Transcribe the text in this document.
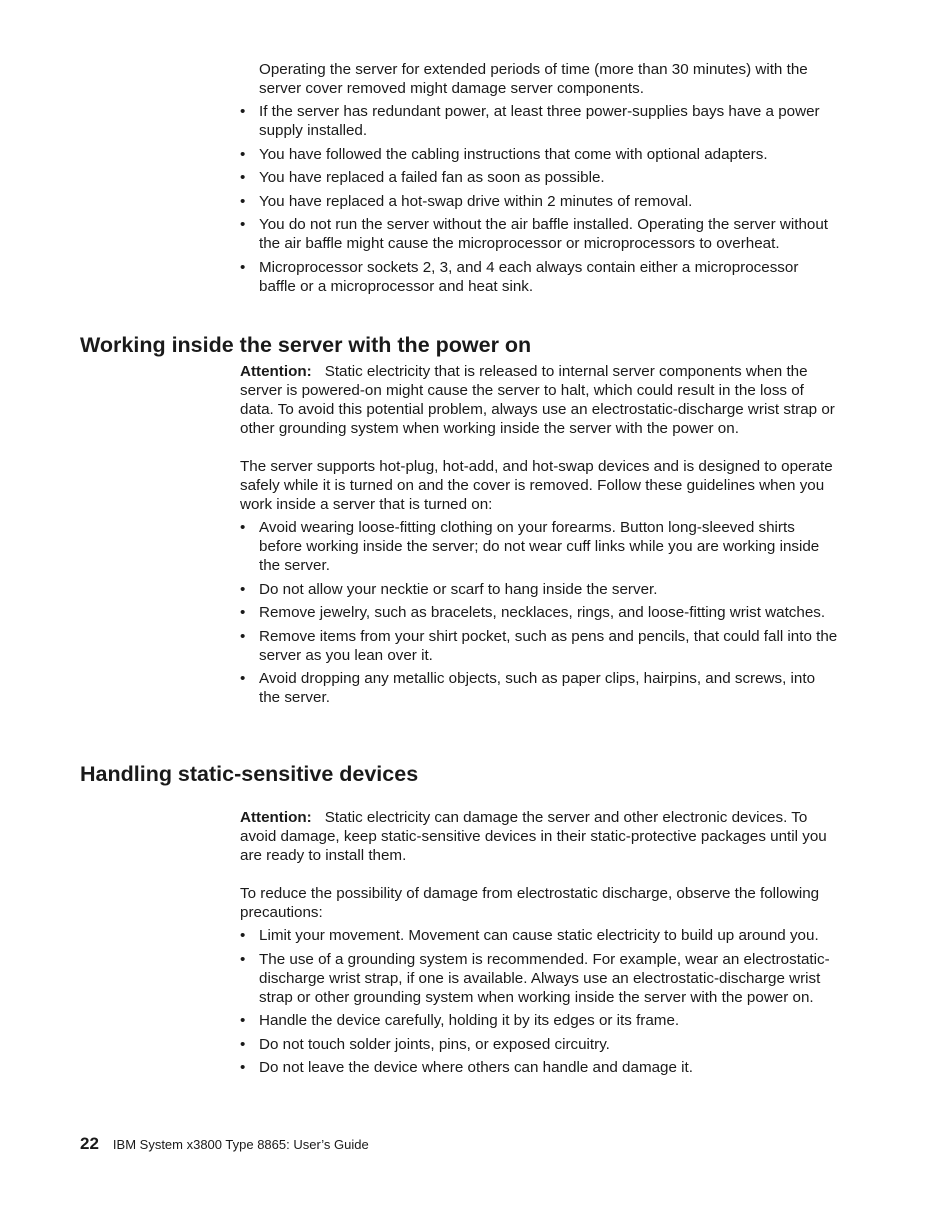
Operating the server for extended periods of time (more than 30 minutes) with the server cover removed might damage server components.

• If the server has redundant power, at least three power-supplies bays have a power supply installed.
• You have followed the cabling instructions that come with optional adapters.
• You have replaced a failed fan as soon as possible.
• You have replaced a hot-swap drive within 2 minutes of removal.
• You do not run the server without the air baffle installed. Operating the server without the air baffle might cause the microprocessor or microprocessors to overheat.
• Microprocessor sockets 2, 3, and 4 each always contain either a microprocessor baffle or a microprocessor and heat sink.
Working inside the server with the power on

Attention: Static electricity that is released to internal server components when the server is powered-on might cause the server to halt, which could result in the loss of data. To avoid this potential problem, always use an electrostatic-discharge wrist strap or other grounding system when working inside the server with the power on.

The server supports hot-plug, hot-add, and hot-swap devices and is designed to operate safely while it is turned on and the cover is removed. Follow these guidelines when you work inside a server that is turned on:

• Avoid wearing loose-fitting clothing on your forearms. Button long-sleeved shirts before working inside the server; do not wear cuff links while you are working inside the server.
• Do not allow your necktie or scarf to hang inside the server.
• Remove jewelry, such as bracelets, necklaces, rings, and loose-fitting wrist watches.
• Remove items from your shirt pocket, such as pens and pencils, that could fall into the server as you lean over it.
• Avoid dropping any metallic objects, such as paper clips, hairpins, and screws, into the server.
Handling static-sensitive devices

Attention: Static electricity can damage the server and other electronic devices. To avoid damage, keep static-sensitive devices in their static-protective packages until you are ready to install them.

To reduce the possibility of damage from electrostatic discharge, observe the following precautions:

• Limit your movement. Movement can cause static electricity to build up around you.
• The use of a grounding system is recommended. For example, wear an electrostatic-discharge wrist strap, if one is available. Always use an electrostatic-discharge wrist strap or other grounding system when working inside the server with the power on.
• Handle the device carefully, holding it by its edges or its frame.
• Do not touch solder joints, pins, or exposed circuitry.
• Do not leave the device where others can handle and damage it.
22 IBM System x3800 Type 8865: User’s Guide
